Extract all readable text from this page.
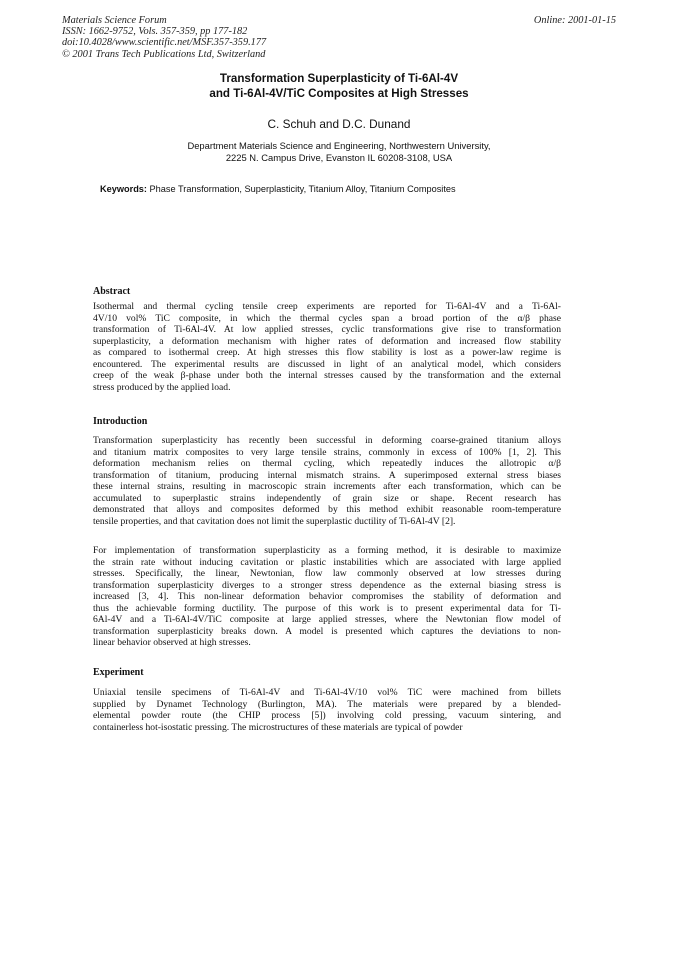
Materials Science Forum
ISSN: 1662-9752, Vols. 357-359, pp 177-182
doi:10.4028/www.scientific.net/MSF.357-359.177
© 2001 Trans Tech Publications Ltd, Switzerland
Online: 2001-01-15
Transformation Superplasticity of Ti-6Al-4V
and Ti-6Al-4V/TiC Composites at High Stresses
C. Schuh and D.C. Dunand
Department Materials Science and Engineering, Northwestern University,
2225 N. Campus Drive, Evanston IL 60208-3108, USA
Keywords: Phase Transformation, Superplasticity, Titanium Alloy, Titanium Composites
Abstract
Isothermal and thermal cycling tensile creep experiments are reported for Ti-6Al-4V and a Ti-6Al-
4V/10 vol% TiC composite, in which the thermal cycles span a broad portion of the α/β phase
transformation of Ti-6Al-4V. At low applied stresses, cyclic transformations give rise to transformation
superplasticity, a deformation mechanism with higher rates of deformation and increased flow stability
as compared to isothermal creep. At high stresses this flow stability is lost as a power-law regime is
encountered. The experimental results are discussed in light of an analytical model, which considers
creep of the weak β-phase under both the internal stresses caused by the transformation and the external
stress produced by the applied load.
Introduction
Transformation superplasticity has recently been successful in deforming coarse-grained titanium alloys
and titanium matrix composites to very large tensile strains, commonly in excess of 100% [1, 2]. This
deformation mechanism relies on thermal cycling, which repeatedly induces the allotropic α/β
transformation of titanium, producing internal mismatch strains. A superimposed external stress biases
these internal strains, resulting in macroscopic strain increments after each transformation, which can be
accumulated to superplastic strains independently of grain size or shape. Recent research has
demonstrated that alloys and composites deformed by this method exhibit reasonable room-temperature
tensile properties, and that cavitation does not limit the superplastic ductility of Ti-6Al-4V [2].
For implementation of transformation superplasticity as a forming method, it is desirable to maximize
the strain rate without inducing cavitation or plastic instabilities which are associated with large applied
stresses. Specifically, the linear, Newtonian, flow law commonly observed at low stresses during
transformation superplasticity diverges to a stronger stress dependence as the external biasing stress is
increased [3, 4]. This non-linear deformation behavior compromises the stability of deformation and
thus the achievable forming ductility. The purpose of this work is to present experimental data for Ti-
6Al-4V and a Ti-6Al-4V/TiC composite at large applied stresses, where the Newtonian flow model of
transformation superplasticity breaks down. A model is presented which captures the deviations to non-
linear behavior observed at high stresses.
Experiment
Uniaxial tensile specimens of Ti-6Al-4V and Ti-6Al-4V/10 vol% TiC were machined from billets
supplied by Dynamet Technology (Burlington, MA). The materials were prepared by a blended-
elemental powder route (the CHIP process [5]) involving cold pressing, vacuum sintering, and
containerless hot-isostatic pressing. The microstructures of these materials are typical of powder
